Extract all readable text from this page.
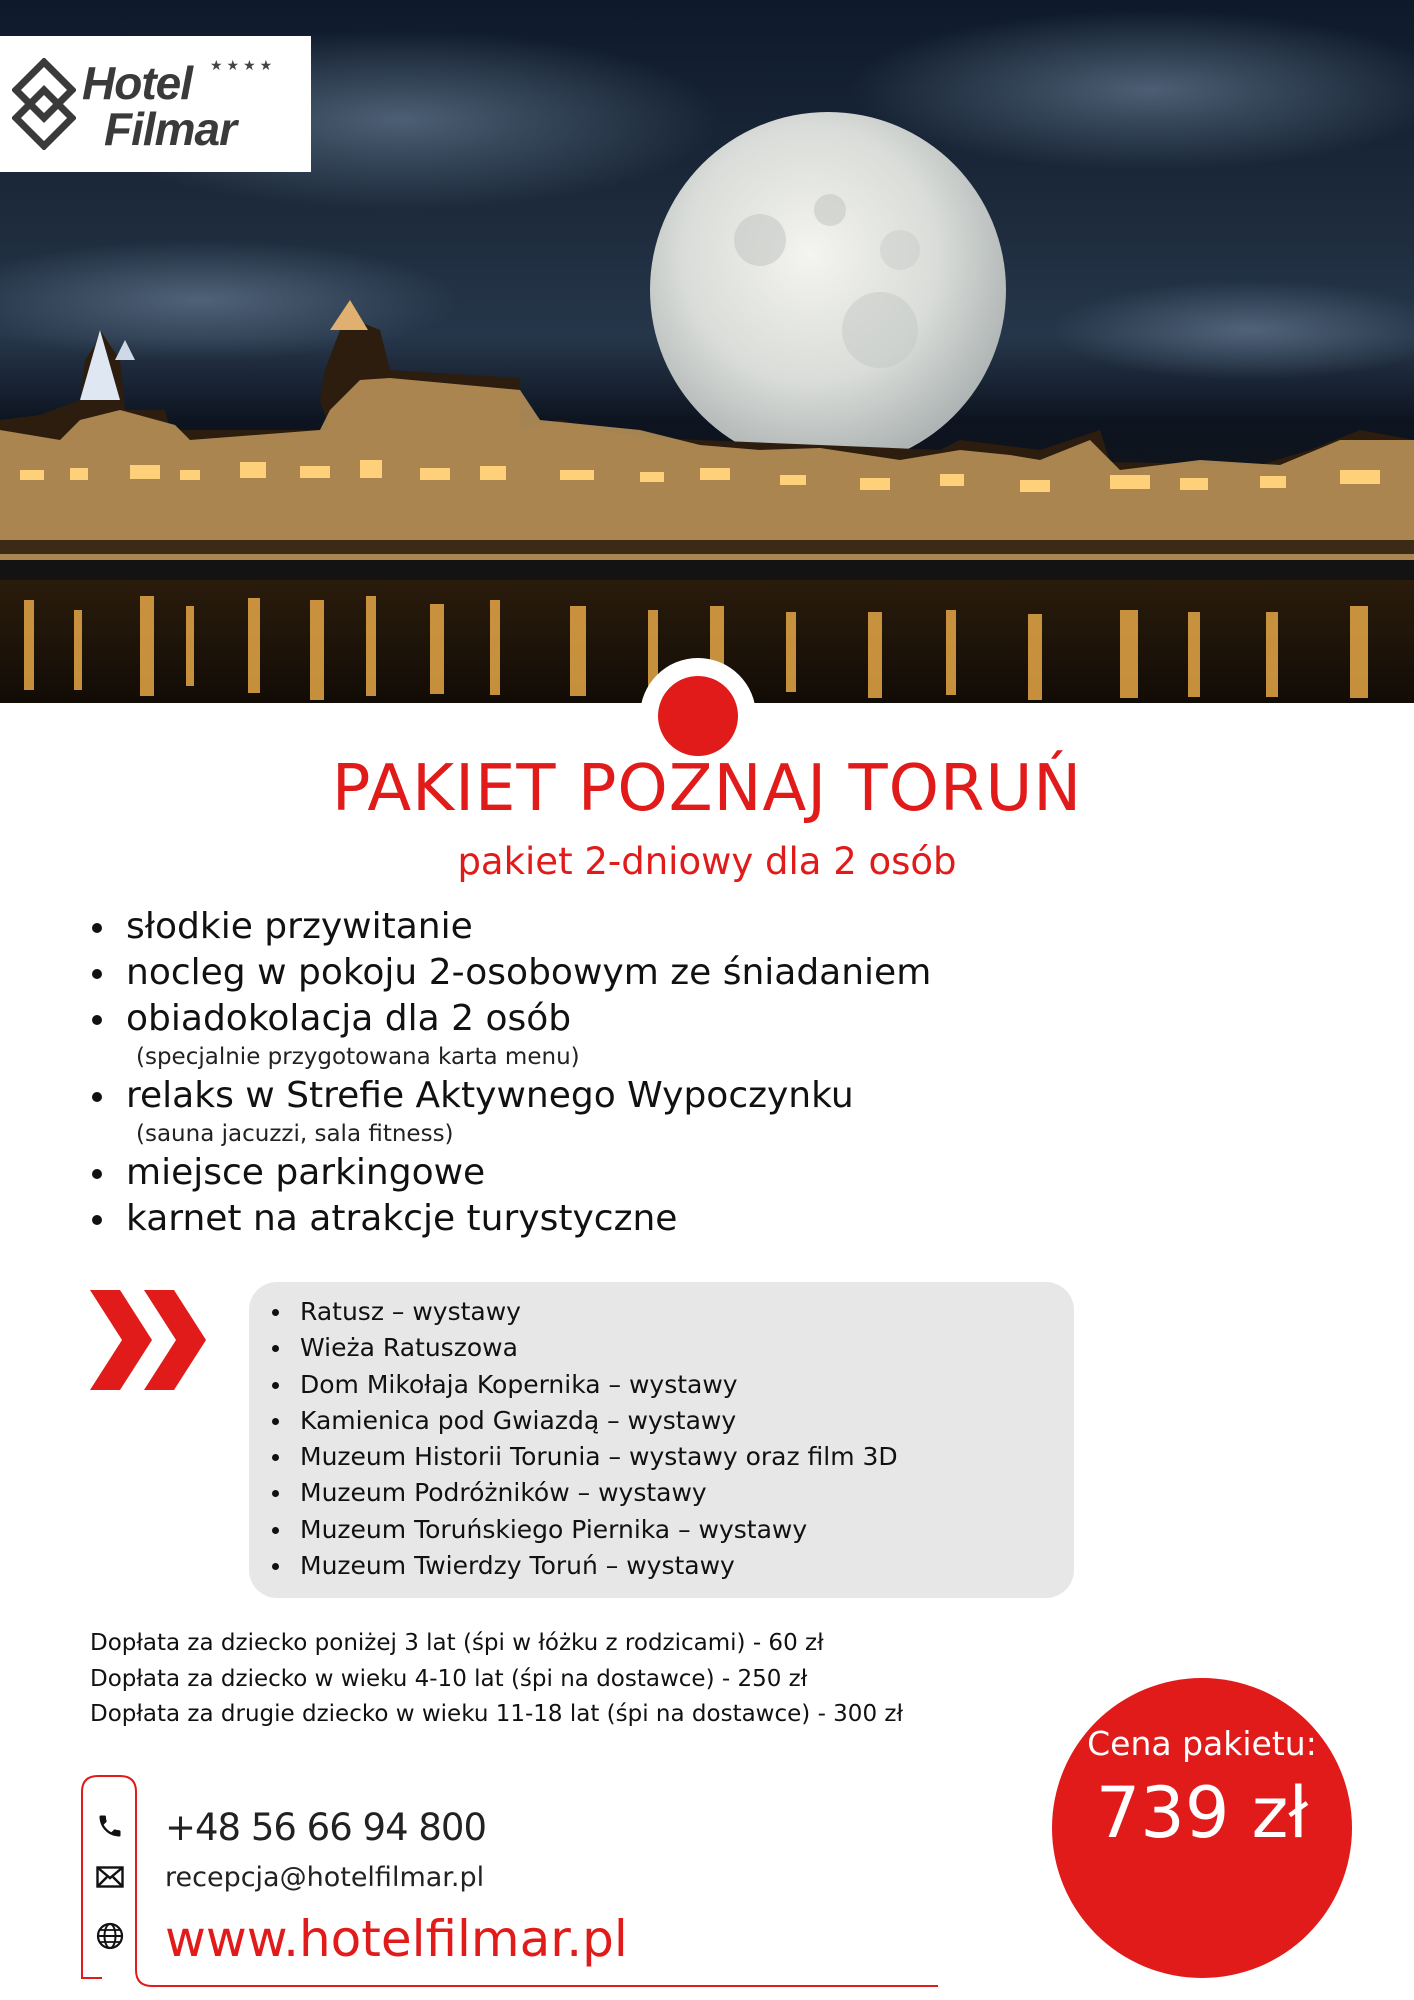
Hotel ★★★★
Filmar
PAKIET POZNAJ TORUŃ
pakiet 2-dniowy dla 2 osób
słodkie przywitanie
nocleg w pokoju 2-osobowym ze śniadaniem
obiadokolacja dla 2 osób
(specjalnie przygotowana karta menu)
relaks w Strefie Aktywnego Wypoczynku
(sauna jacuzzi, sala fitness)
miejsce parkingowe
karnet na atrakcje turystyczne
Ratusz – wystawy
Wieża Ratuszowa
Dom Mikołaja Kopernika – wystawy
Kamienica pod Gwiazdą – wystawy
Muzeum Historii Torunia – wystawy oraz film 3D
Muzeum Podróżników – wystawy
Muzeum Toruńskiego Piernika – wystawy
Muzeum Twierdzy Toruń – wystawy
Dopłata za dziecko poniżej 3 lat (śpi w łóżku z rodzicami) - 60 zł
Dopłata za dziecko w wieku 4-10 lat (śpi na dostawce) - 250 zł
Dopłata za drugie dziecko w wieku 11-18 lat (śpi na dostawce) - 300 zł
Cena pakietu:
739 zł
+48 56 66 94 800
recepcja@hotelfilmar.pl
www.hotelfilmar.pl
